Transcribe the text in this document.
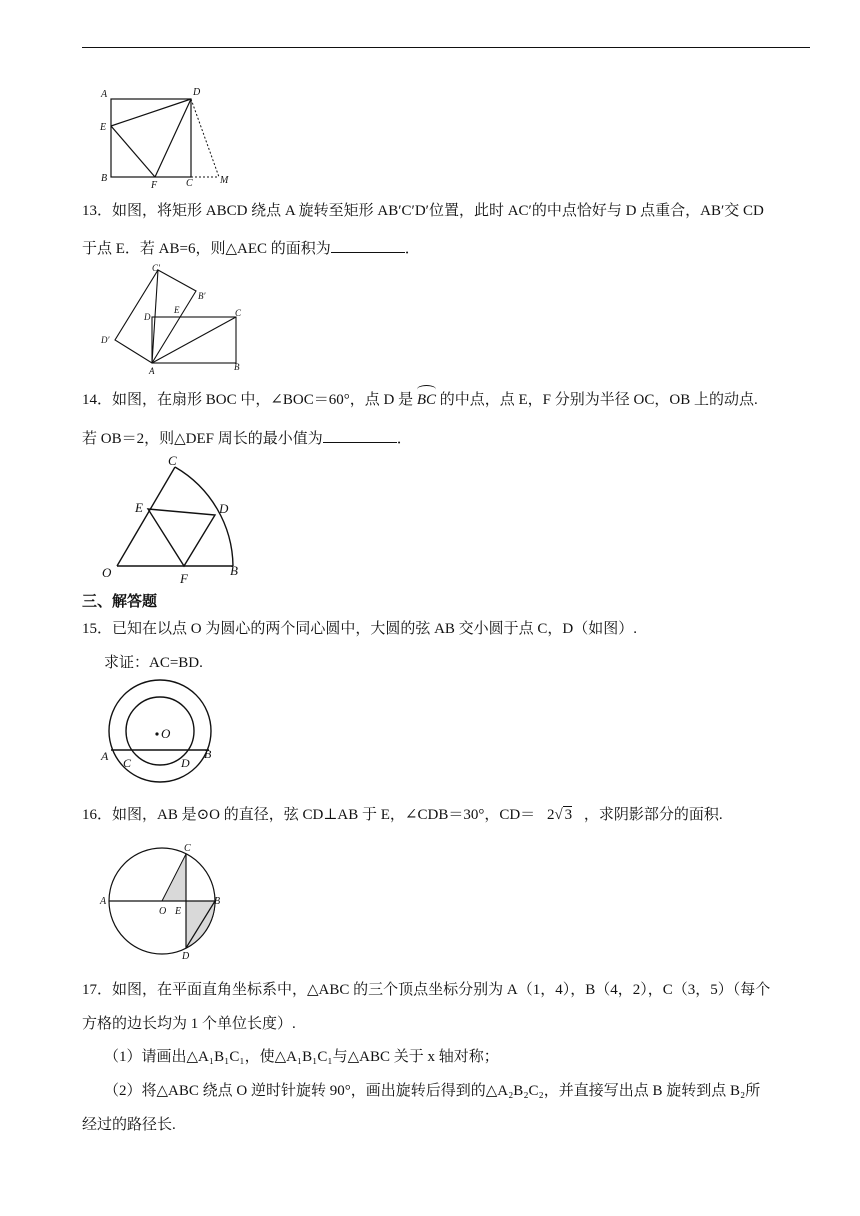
A	D
E
B
F	C	M
13．如图，将矩形 ABCD 绕点 A 旋转至矩形 AB′C′D′位置，此时 AC′的中点恰好与 D 点重合，AB′交 CD
于点 E．若 AB=6，则△AEC 的面积为	．
C′
B′
D
E	C
D′
A	B
14．如图，在扇形 BOC 中，∠BOC＝60°，点 D 是 BC 的中点，点 E，F 分别为半径 OC，OB 上的动点.
若 OB＝2，则△DEF 周长的最小值为	．
C
E	D
O	F
B
三、解答题
15．已知在以点 O 为圆心的两个同心圆中，大圆的弦 AB 交小圆于点 C，D（如图）.
求证：AC=BD.
O
A C	D
B
16．如图，AB 是⊙O 的直径，弦 CD⊥AB 于 E，∠CDB＝30°，CD＝ 2√ 3 ，求阴影部分的面积.
C
A
O E
B
D
17．如图，在平面直角坐标系中，△ABC 的三个顶点坐标分别为 A（1，4），B（4，2），C（3，5）（每个
方格的边长均为 1 个单位长度）.
（1）请画出△A₁B₁C₁，使△A₁B₁C₁与△ABC 关于 x 轴对称；
（2）将△ABC 绕点 O 逆时针旋转 90°，画出旋转后得到的△A₂B₂C₂，并直接写出点 B 旋转到点 B₂所
经过的路径长.
